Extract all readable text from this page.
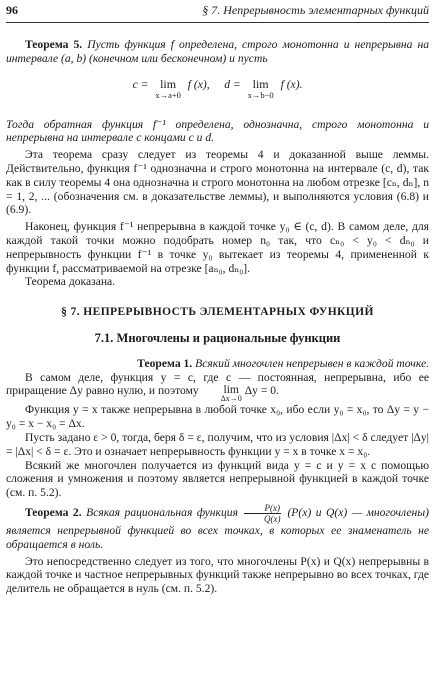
96	§ 7. Непрерывность элементарных функций

Теорема 5. Пусть функция f определена, строго монотонна и непрерывна на интервале (a, b) (конечном или бесконечном) и пусть

c = lim
x→a+0
f (x), d = lim
x→b−0
f (x).

Тогда обратная функция f⁻¹ определена, однозначна, строго монотонна и непрерывна на интервале с концами c и d.

Эта теорема сразу следует из теоремы 4 и доказанной выше леммы. Действительно, функция f⁻¹ однозначна и строго монотонна на интервале (c, d), так как в силу теоремы 4 она однозначна и строго монотонна на любом отрезке [cₙ, dₙ], n = 1, 2, ... (обозначения см. в доказательстве леммы), и выполняются условия (6.8) и (6.9).

Наконец, функция f⁻¹ непрерывна в каждой точке y₀ ∈ (c, d). В самом деле, для каждой такой точки можно подобрать номер n₀ так, что cₙ₀ < y₀ < dₙ₀ и непрерывность функции f⁻¹ в точке y₀ вытекает из теоремы 4, примененной к функции f, рассматриваемой на отрезке [aₙ₀, dₙ₀].

Теорема доказана.

§ 7. НЕПРЕРЫВНОСТЬ ЭЛЕМЕНТАРНЫХ ФУНКЦИЙ
7.1. Многочлены и рациональные функции

Теорема 1. Всякий многочлен непрерывен в каждой точке.

В самом деле, функция y = c, где c — постоянная, непрерывна, ибо ее приращение Δy равно нулю, и поэтому	lim
Δx→0
Δy = 0.

Функция y = x также непрерывна в любой точке x₀, ибо если y₀ = x₀, то Δy = y − y₀ = x − x₀ = Δx.

Пусть задано ε > 0, тогда, беря δ = ε, получим, что из условия |Δx| < δ следует |Δy| = |Δx| < δ = ε. Это и означает непрерывность функции y = x в точке x = x₀.

Всякий же многочлен получается из функций вида y = c и y = x с помощью сложения и умножения и поэтому является непрерывной функцией в каждой точке (см. п. 5.2).

Теорема 2. Всякая рациональная функция $\frac{P(x)}{Q(x)} (P(x)$ и Q(x) — многочлены) является непрерывной функцией во всех точках, в которых ее знаменатель не обращается в ноль.

Это непосредственно следует из того, что многочлены P(x) и Q(x) непрерывны в каждой точке и частное непрерывных функций также непрерывно во всех точках, где делитель не обращается в нуль (см. п. 5.2).
